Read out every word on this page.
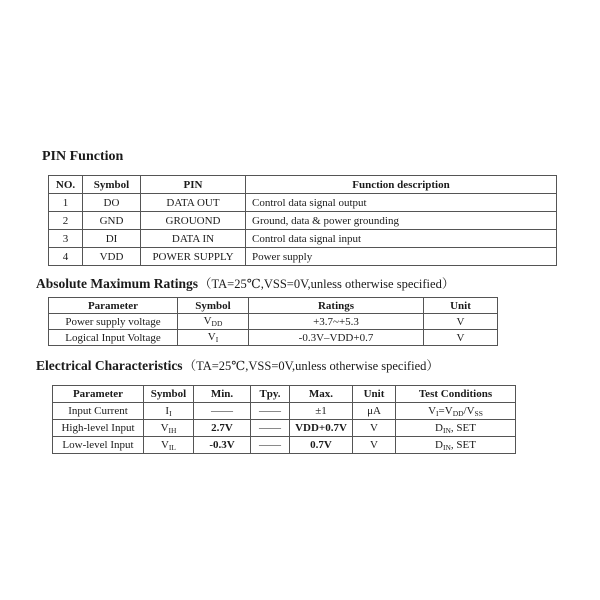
PIN Function
NO.	Symbol	PIN	Function description
1	DO	DATA OUT	Control data signal output
2	GND	GROUOND	Ground, data & power grounding
3	DI	DATA IN	Control data signal input
4	VDD	POWER SUPPLY	Power supply
Absolute Maximum Ratings（TA=25℃,VSS=0V,unless otherwise specified）
Parameter	Symbol	Ratings	Unit
Power supply voltage	VDD	+3.7~+5.3	V
Logical Input Voltage	VI	-0.3V–VDD+0.7	V
Electrical Characteristics（TA=25℃,VSS=0V,unless otherwise specified）
Parameter	Symbol	Min.	Tpy.	Max.	Unit	Test Conditions
Input Current	II	——	——	±1	μA	VI=VDD/VSS
High-level Input	VIH	2.7V	——	VDD+0.7V	V	DIN, SET
Low-level Input	VIL	-0.3V	——	0.7V	V	DIN, SET
